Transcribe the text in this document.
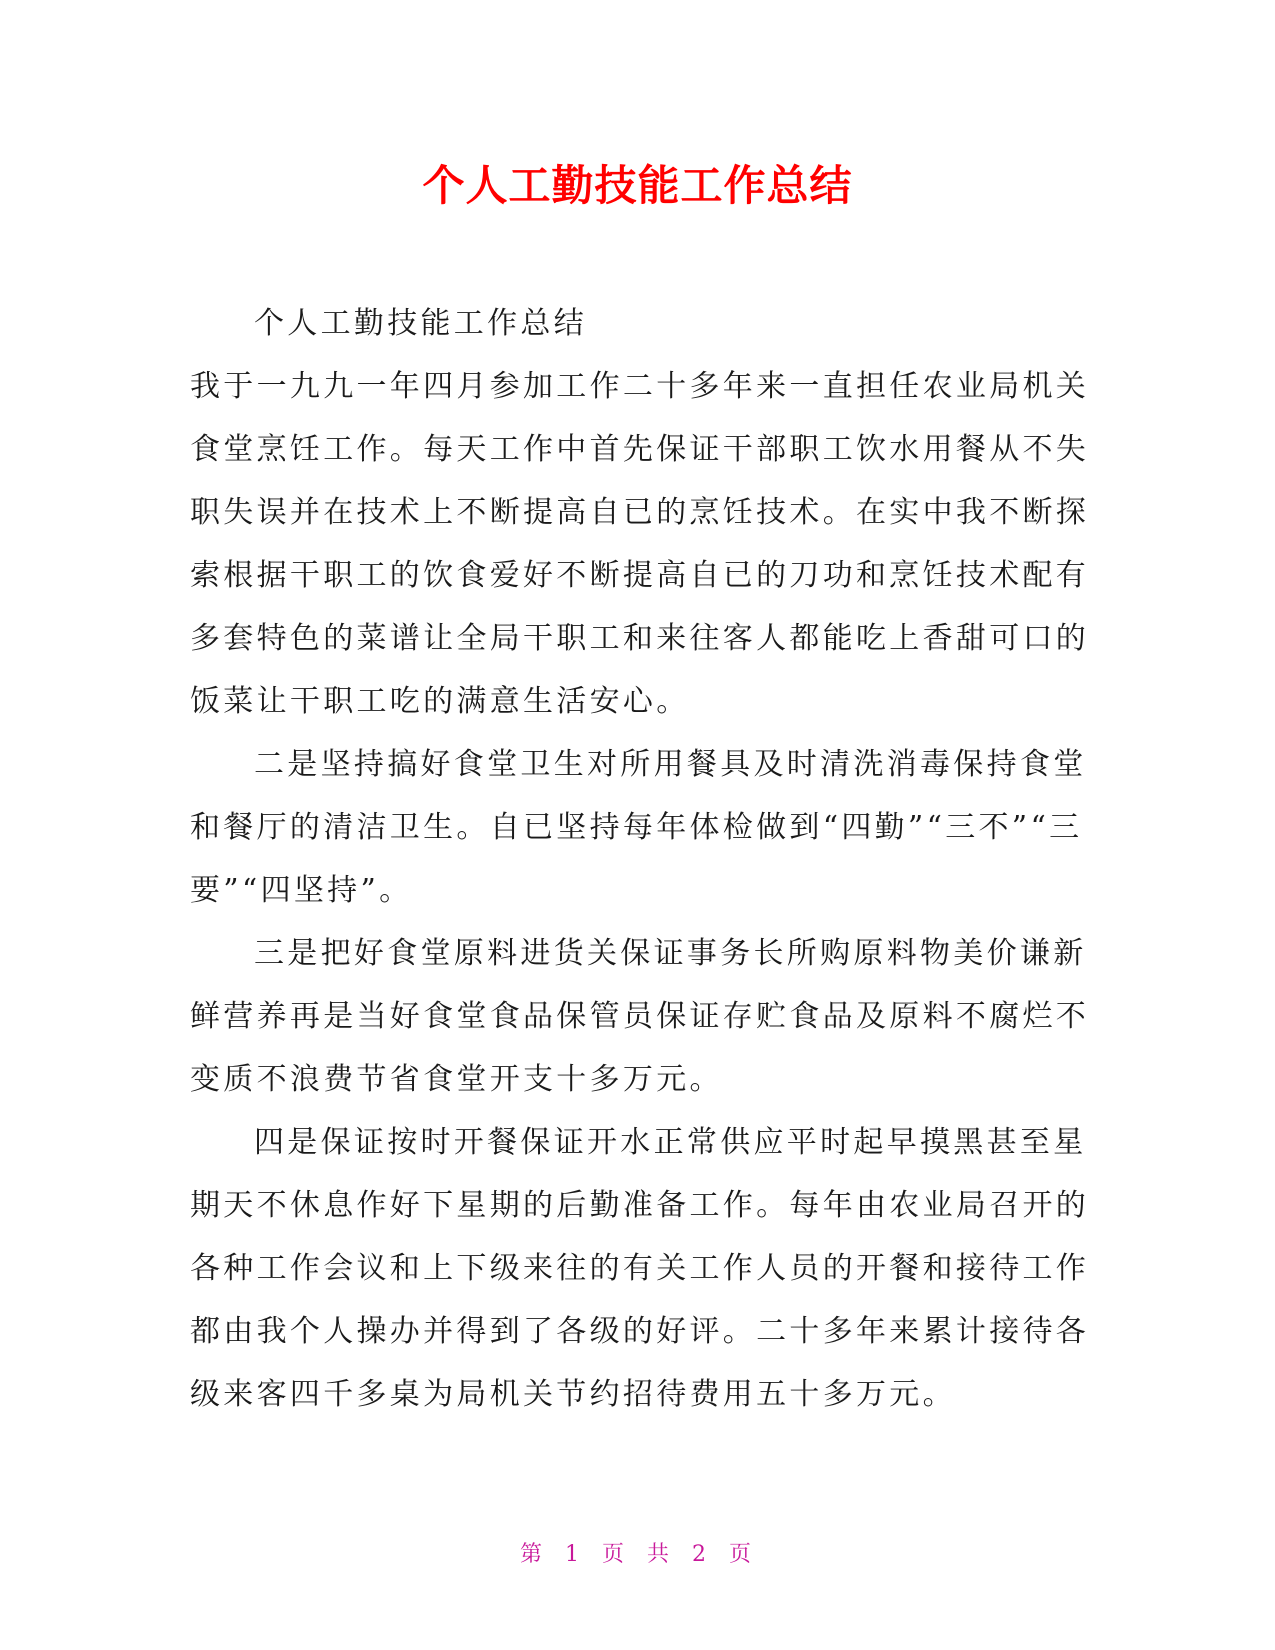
个人工勤技能工作总结

个人工勤技能工作总结

我于一九九一年四月参加工作二十多年来一直担任农业局机关食堂烹饪工作。每天工作中首先保证干部职工饮水用餐从不失职失误并在技术上不断提高自已的烹饪技术。在实中我不断探索根据干职工的饮食爱好不断提高自已的刀功和烹饪技术配有多套特色的菜谱让全局干职工和来往客人都能吃上香甜可口的饭菜让干职工吃的满意生活安心。

二是坚持搞好食堂卫生对所用餐具及时清洗消毒保持食堂和餐厅的清洁卫生。自已坚持每年体检做到“四勤”“三不”“三要”“四坚持”。

三是把好食堂原料进货关保证事务长所购原料物美价谦新鲜营养再是当好食堂食品保管员保证存贮食品及原料不腐烂不变质不浪费节省食堂开支十多万元。

四是保证按时开餐保证开水正常供应平时起早摸黑甚至星期天不休息作好下星期的后勤准备工作。每年由农业局召开的各种工作会议和上下级来往的有关工作人员的开餐和接待工作都由我个人操办并得到了各级的好评。二十多年来累计接待各级来客四千多桌为局机关节约招待费用五十多万元。

第 1 页 共 2 页
